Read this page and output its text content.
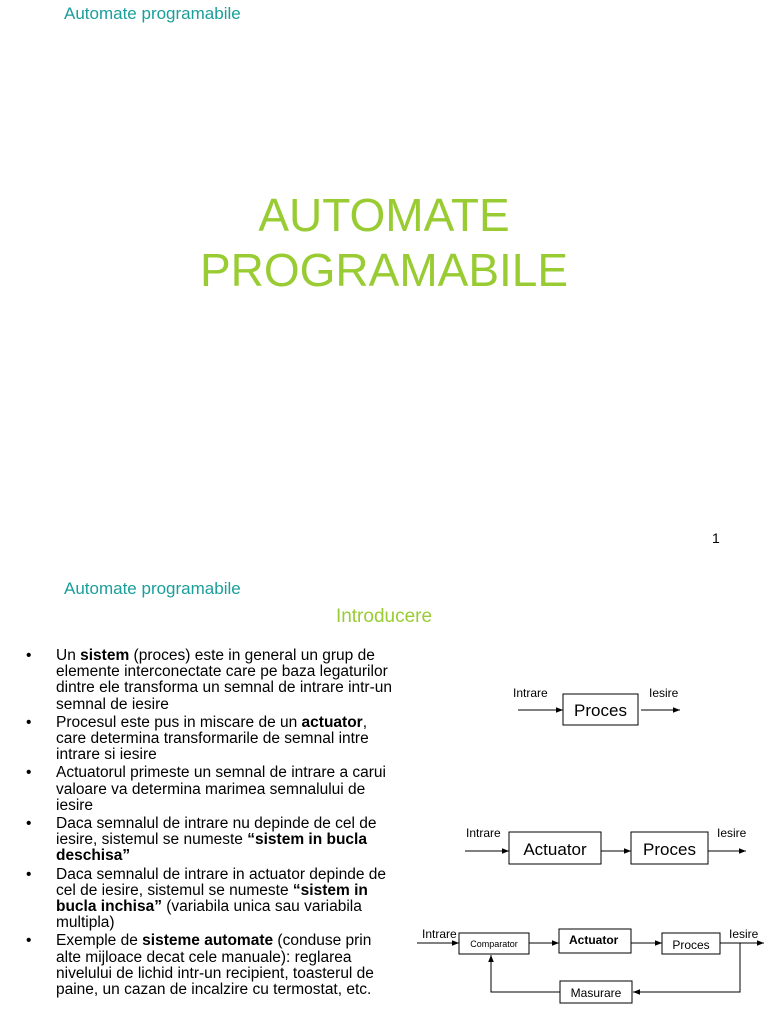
Automate programabile
AUTOMATE
PROGRAMABILE
1
Automate programabile
Introducere
• Un sistem (proces) este in general un grup de elemente interconectate care pe baza legaturilor dintre ele transforma un semnal de intrare intr-un semnal de iesire
• Procesul este pus in miscare de un actuator, care determina transformarile de semnal intre intrare si iesire
• Actuatorul primeste un semnal de intrare a carui valoare va determina marimea semnalului de iesire
• Daca semnalul de intrare nu depinde de cel de iesire, sistemul se numeste “sistem in bucla deschisa”
• Daca semnalul de intrare in actuator depinde de cel de iesire, sistemul se numeste “sistem in bucla inchisa” (variabila unica sau variabila multipla)
• Exemple de sisteme automate (conduse prin alte mijloace decat cele manuale): reglarea nivelului de lichid intr-un recipient, toasterul de paine, un cazan de incalzire cu termostat, etc.
Intrare
Proces
Iesire
Intrare
Actuator	Proces
Iesire
Intrare
Comparator	Actuator	Proces
Iesire
Masurare
